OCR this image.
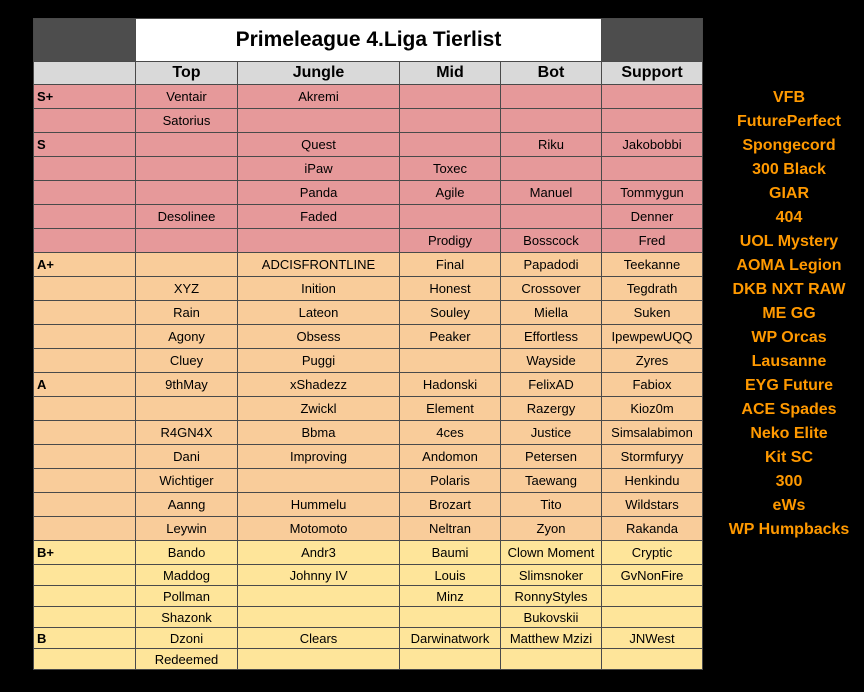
	Primeleague 4.Liga Tierlist				
	Top	Jungle	Mid	Bot	Support
S+	Ventair	Akremi			
	Satorius				
S		Quest		Riku	Jakobobbi
		iPaw	Toxec		
		Panda	Agile	Manuel	Tommygun
	Desolinee	Faded			Denner
			Prodigy	Bosscock	Fred
A+		ADCISFRONTLINE	Final	Papadodi	Teekanne
	XYZ	Inition	Honest	Crossover	Tegdrath
	Rain	Lateon	Souley	Miella	Suken
	Agony	Obsess	Peaker	Effortless	IpewpewUQQ
	Cluey	Puggi		Wayside	Zyres
A	9thMay	xShadezz	Hadonski	FelixAD	Fabiox
		Zwickl	Element	Razergy	Kioz0m
	R4GN4X	Bbma	4ces	Justice	Simsalabimon
	Dani	Improving	Andomon	Petersen	Stormfuryy
	Wichtiger		Polaris	Taewang	Henkindu
	Aanng	Hummelu	Brozart	Tito	Wildstars
	Leywin	Motomoto	Neltran	Zyon	Rakanda
B+	Bando	Andr3	Baumi	Clown Moment	Cryptic
	Maddog	Johnny IV	Louis	Slimsnoker	GvNonFire
	Pollman		Minz	RonnyStyles	
	Shazonk			Bukovskii	
B	Dzoni	Clears	Darwinatwork	Matthew Mzizi	JNWest
	Redeemed				
VFB
FuturePerfect
Spongecord
300 Black
GIAR
404
UOL Mystery
AOMA Legion
DKB NXT RAW
ME GG
WP Orcas
Lausanne
EYG Future
ACE Spades
Neko Elite
Kit SC
300
eWs
WP Humpbacks
